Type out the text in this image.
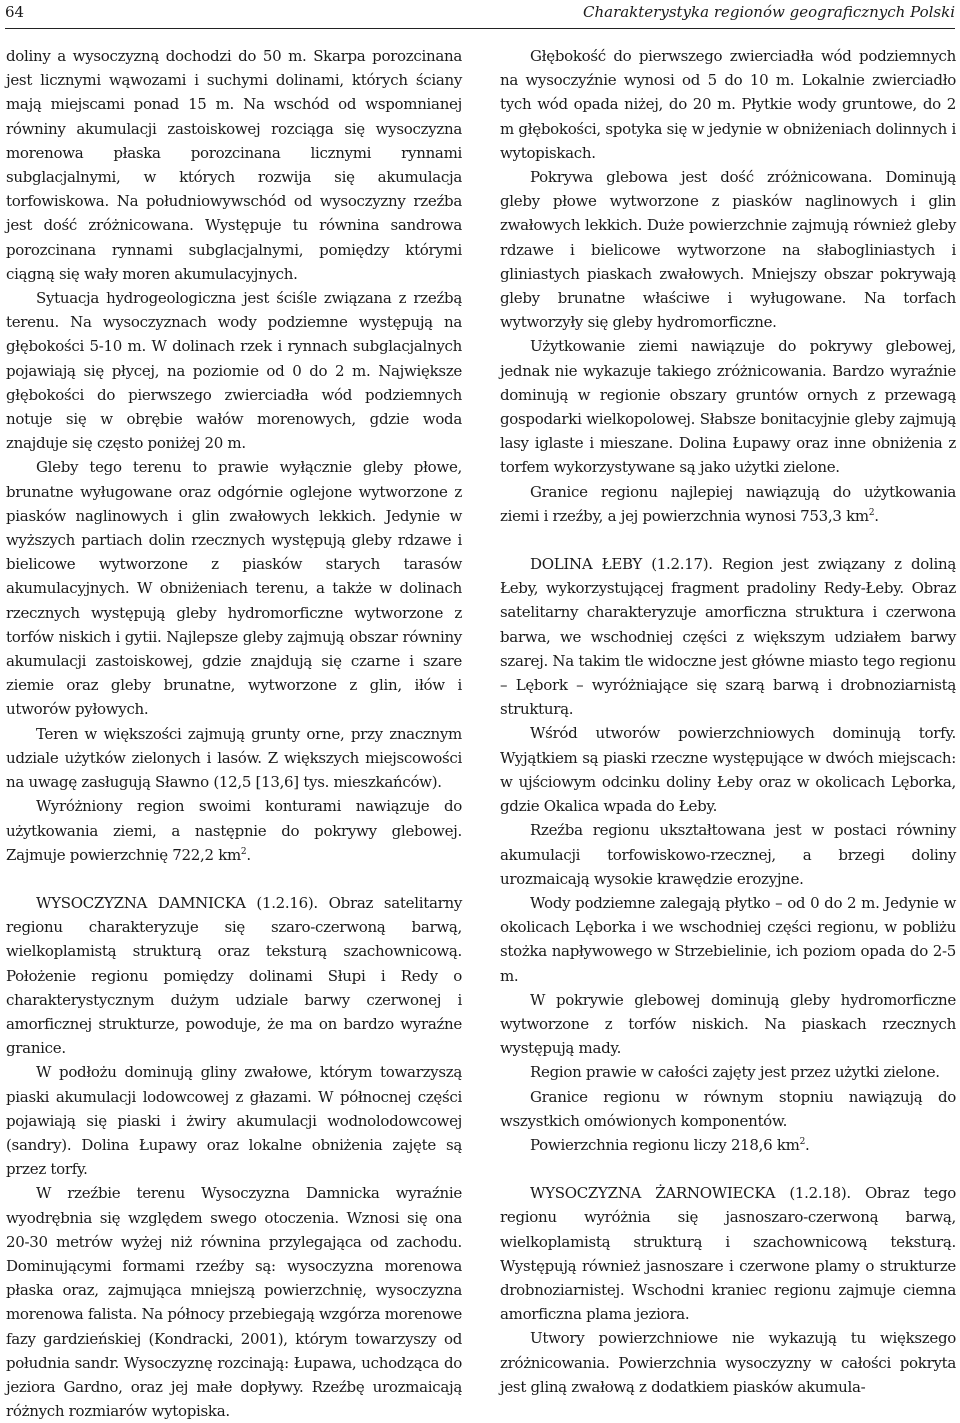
64	Charakterystyka regionów geograficznych Polski

doliny a wysoczyzną dochodzi do 50 m. Skarpa porozcinana jest licznymi wąwozami i suchymi dolinami, których ściany mają miejscami ponad 15 m. Na wschód od wspomnianej równiny akumulacji zastoiskowej rozciąga się wysoczyzna morenowa płaska porozcinana licznymi rynnami subglacjalnymi, w których rozwija się akumulacja torfowiskowa. Na południowywschód od wysoczyzny rzeźba jest dość zróżnicowana. Występuje tu równina sandrowa porozcinana rynnami subglacjalnymi, pomiędzy którymi ciągną się wały moren akumulacyjnych.

Sytuacja hydrogeologiczna jest ściśle związana z rzeźbą terenu. Na wysoczyznach wody podziemne występują na głębokości 5-10 m. W dolinach rzek i rynnach subglacjalnych pojawiają się płycej, na poziomie od 0 do 2 m. Największe głębokości do pierwszego zwierciadła wód podziemnych notuje się w obrębie wałów morenowych, gdzie woda znajduje się często poniżej 20 m.

Gleby tego terenu to prawie wyłącznie gleby płowe, brunatne wyługowane oraz odgórnie oglejone wytworzone z piasków naglinowych i glin zwałowych lekkich. Jedynie w wyższych partiach dolin rzecznych występują gleby rdzawe i bielicowe wytworzone z piasków starych tarasów akumulacyjnych. W obniżeniach terenu, a także w dolinach rzecznych występują gleby hydromorficzne wytworzone z torfów niskich i gytii. Najlepsze gleby zajmują obszar równiny akumulacji zastoiskowej, gdzie znajdują się czarne i szare ziemie oraz gleby brunatne, wytworzone z glin, iłów i utworów pyłowych.

Teren w większości zajmują grunty orne, przy znacznym udziale użytków zielonych i lasów. Z większych miejscowości na uwagę zasługują Sławno (12,5 [13,6] tys. mieszkańców).

Wyróżniony region swoimi konturami nawiązuje do użytkowania ziemi, a następnie do pokrywy glebowej. Zajmuje powierzchnię 722,2 $km^2$.

WYSOCZYZNA DAMNICKA (1.2.16). Obraz satelitarny regionu charakteryzuje się szaro-czerwoną barwą, wielkoplamistą strukturą oraz teksturą szachownicową. Położenie regionu pomiędzy dolinami Słupi i Redy o charakterystycznym dużym udziale barwy czerwonej i amorficznej strukturze, powoduje, że ma on bardzo wyraźne granice.

W podłożu dominują gliny zwałowe, którym towarzyszą piaski akumulacji lodowcowej z głazami. W północnej części pojawiają się piaski i żwiry akumulacji wodnolodowcowej (sandry). Dolina Łupawy oraz lokalne obniżenia zajęte są przez torfy.

W rzeźbie terenu Wysoczyzna Damnicka wyraźnie wyodrębnia się względem swego otoczenia. Wznosi się ona 20-30 metrów wyżej niż równina przylegająca od zachodu. Dominującymi formami rzeźby są: wysoczyzna morenowa płaska oraz, zajmująca mniejszą powierzchnię, wysoczyzna morenowa falista. Na północy przebiegają wzgórza morenowe fazy gardzieńskiej (Kondracki, 2001), którym towarzyszy od południa sandr. Wysoczyznę rozcinają: Łupawa, uchodząca do jeziora Gardno, oraz jej małe dopływy. Rzeźbę urozmaicają różnych rozmiarów wytopiska.

Głębokość do pierwszego zwierciadła wód podziemnych na wysoczyźnie wynosi od 5 do 10 m. Lokalnie zwierciadło tych wód opada niżej, do 20 m. Płytkie wody gruntowe, do 2 m głębokości, spotyka się w jedynie w obniżeniach dolinnych i wytopiskach.

Pokrywa glebowa jest dość zróżnicowana. Dominują gleby płowe wytworzone z piasków naglinowych i glin zwałowych lekkich. Duże powierzchnie zajmują również gleby rdzawe i bielicowe wytworzone na słabogliniastych i gliniastych piaskach zwałowych. Mniejszy obszar pokrywają gleby brunatne właściwe i wyługowane. Na torfach wytworzyły się gleby hydromorficzne.

Użytkowanie ziemi nawiązuje do pokrywy glebowej, jednak nie wykazuje takiego zróżnicowania. Bardzo wyraźnie dominują w regionie obszary gruntów ornych z przewagą gospodarki wielkopolowej. Słabsze bonitacyjnie gleby zajmują lasy iglaste i mieszane. Dolina Łupawy oraz inne obniżenia z torfem wykorzystywane są jako użytki zielone.

Granice regionu najlepiej nawiązują do użytkowania ziemi i rzeźby, a jej powierzchnia wynosi 753,3 $km^2$.

DOLINA ŁEBY (1.2.17). Region jest związany z doliną Łeby, wykorzystującej fragment pradoliny Redy-Łeby. Obraz satelitarny charakteryzuje amorficzna struktura i czerwona barwa, we wschodniej części z większym udziałem barwy szarej. Na takim tle widoczne jest główne miasto tego regionu – Lębork – wyróżniające się szarą barwą i drobnoziarnistą strukturą.

Wśród utworów powierzchniowych dominują torfy. Wyjątkiem są piaski rzeczne występujące w dwóch miejscach: w ujściowym odcinku doliny Łeby oraz w okolicach Lęborka, gdzie Okalica wpada do Łeby.

Rzeźba regionu ukształtowana jest w postaci równiny akumulacji torfowiskowo-rzecznej, a brzegi doliny urozmaicają wysokie krawędzie erozyjne.

Wody podziemne zalegają płytko – od 0 do 2 m. Jedynie w okolicach Lęborka i we wschodniej części regionu, w pobliżu stożka napływowego w Strzebielinie, ich poziom opada do 2-5 m.

W pokrywie glebowej dominują gleby hydromorficzne wytworzone z torfów niskich. Na piaskach rzecznych występują mady.

Region prawie w całości zajęty jest przez użytki zielone.

Granice regionu w równym stopniu nawiązują do wszystkich omówionych komponentów.

Powierzchnia regionu liczy 218,6 $km^2$.

WYSOCZYZNA ŻARNOWIECKA (1.2.18). Obraz tego regionu wyróżnia się jasnoszaro-czerwoną barwą, wielkoplamistą strukturą i szachownicową teksturą. Występują również jasnoszare i czerwone plamy o strukturze drobnoziarnistej. Wschodni kraniec regionu zajmuje ciemna amorficzna plama jeziora.

Utwory powierzchniowe nie wykazują tu większego zróżnicowania. Powierzchnia wysoczyzny w całości pokryta jest gliną zwałową z dodatkiem piasków akumula-
